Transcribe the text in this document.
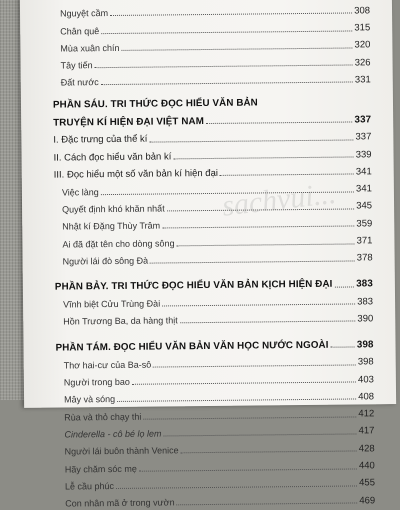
Nguyệt cầm	308
Chân quê	315
Mùa xuân chín	320
Tây tiến	326
Đất nước	331
PHẦN SÁU. TRI THỨC ĐỌC HIỂU VĂN BẢN
TRUYỆN KÍ HIỆN ĐẠI VIỆT NAM	337
I. Đặc trưng của thể kí	337
II. Cách đọc hiểu văn bản kí	339
III. Đọc hiểu một số văn bản kí hiện đại	341
Việc làng	341
Quyết định khó khăn nhất	345
Nhật kí Đặng Thùy Trâm	359
Ai đã đặt tên cho dòng sông	371
Người lái đò sông Đà	378
PHẦN BẢY. TRI THỨC ĐỌC HIỂU VĂN BẢN KỊCH HIỆN ĐẠI 383
Vĩnh biệt Cửu Trùng Đài	383
Hồn Trương Ba, da hàng thịt	390
PHẦN TÁM. ĐỌC HIỂU VĂN BẢN VĂN HỌC NƯỚC NGOÀI	398
Thơ hai-cư của Ba-sô	398
Người trong bao	403
Mây và sóng	408
Rùa và thỏ chạy thi	412
Cinderella - cô bé lọ lem	417
Người lái buôn thành Venice	428
Hãy chăm sóc mẹ	440
Lễ cầu phúc	455
Con nhân mã ở trong vườn	469
sachvui...
